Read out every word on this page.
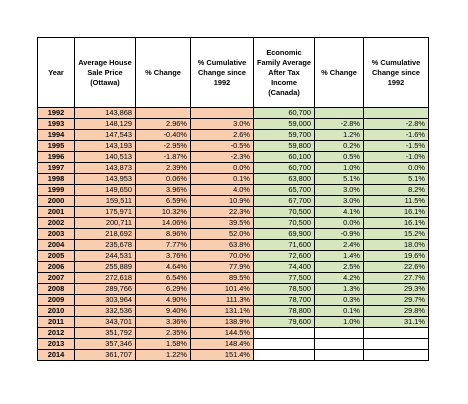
Year	Average House Sale Price (Ottawa)	% Change	% Cumulative Change since 1992	Economic Family Average After Tax Income (Canada)	% Change	% Cumulative Change since 1992
1992	143,868			60,700		
1993	148,129	2.96%	3.0%	59,000	-2.8%	-2.8%
1994	147,543	-0.40%	2.6%	59,700	1.2%	-1.6%
1995	143,193	-2.95%	-0.5%	59,800	0.2%	-1.5%
1996	140,513	-1.87%	-2.3%	60,100	0.5%	-1.0%
1997	143,873	2.39%	0.0%	60,700	1.0%	0.0%
1998	143,953	0.06%	0.1%	63,800	5.1%	5.1%
1999	149,650	3.96%	4.0%	65,700	3.0%	8.2%
2000	159,511	6.59%	10.9%	67,700	3.0%	11.5%
2001	175,971	10.32%	22.3%	70,500	4.1%	16.1%
2002	200,711	14.06%	39.5%	70,500	0.0%	16.1%
2003	218,692	8.96%	52.0%	69,900	-0.9%	15.2%
2004	235,678	7.77%	63.8%	71,600	2.4%	18.0%
2005	244,531	3.76%	70.0%	72,600	1.4%	19.6%
2006	255,889	4.64%	77.9%	74,400	2.5%	22.6%
2007	272,618	6.54%	89.5%	77,500	4.2%	27.7%
2008	289,766	6.29%	101.4%	78,500	1.3%	29.3%
2009	303,964	4.90%	111.3%	78,700	0.3%	29.7%
2010	332,536	9.40%	131.1%	78,800	0.1%	29.8%
2011	343,701	3.36%	138.9%	79,600	1.0%	31.1%
2012	351,792	2.35%	144.5%			
2013	357,346	1.58%	148.4%			
2014	361,707	1.22%	151.4%			
